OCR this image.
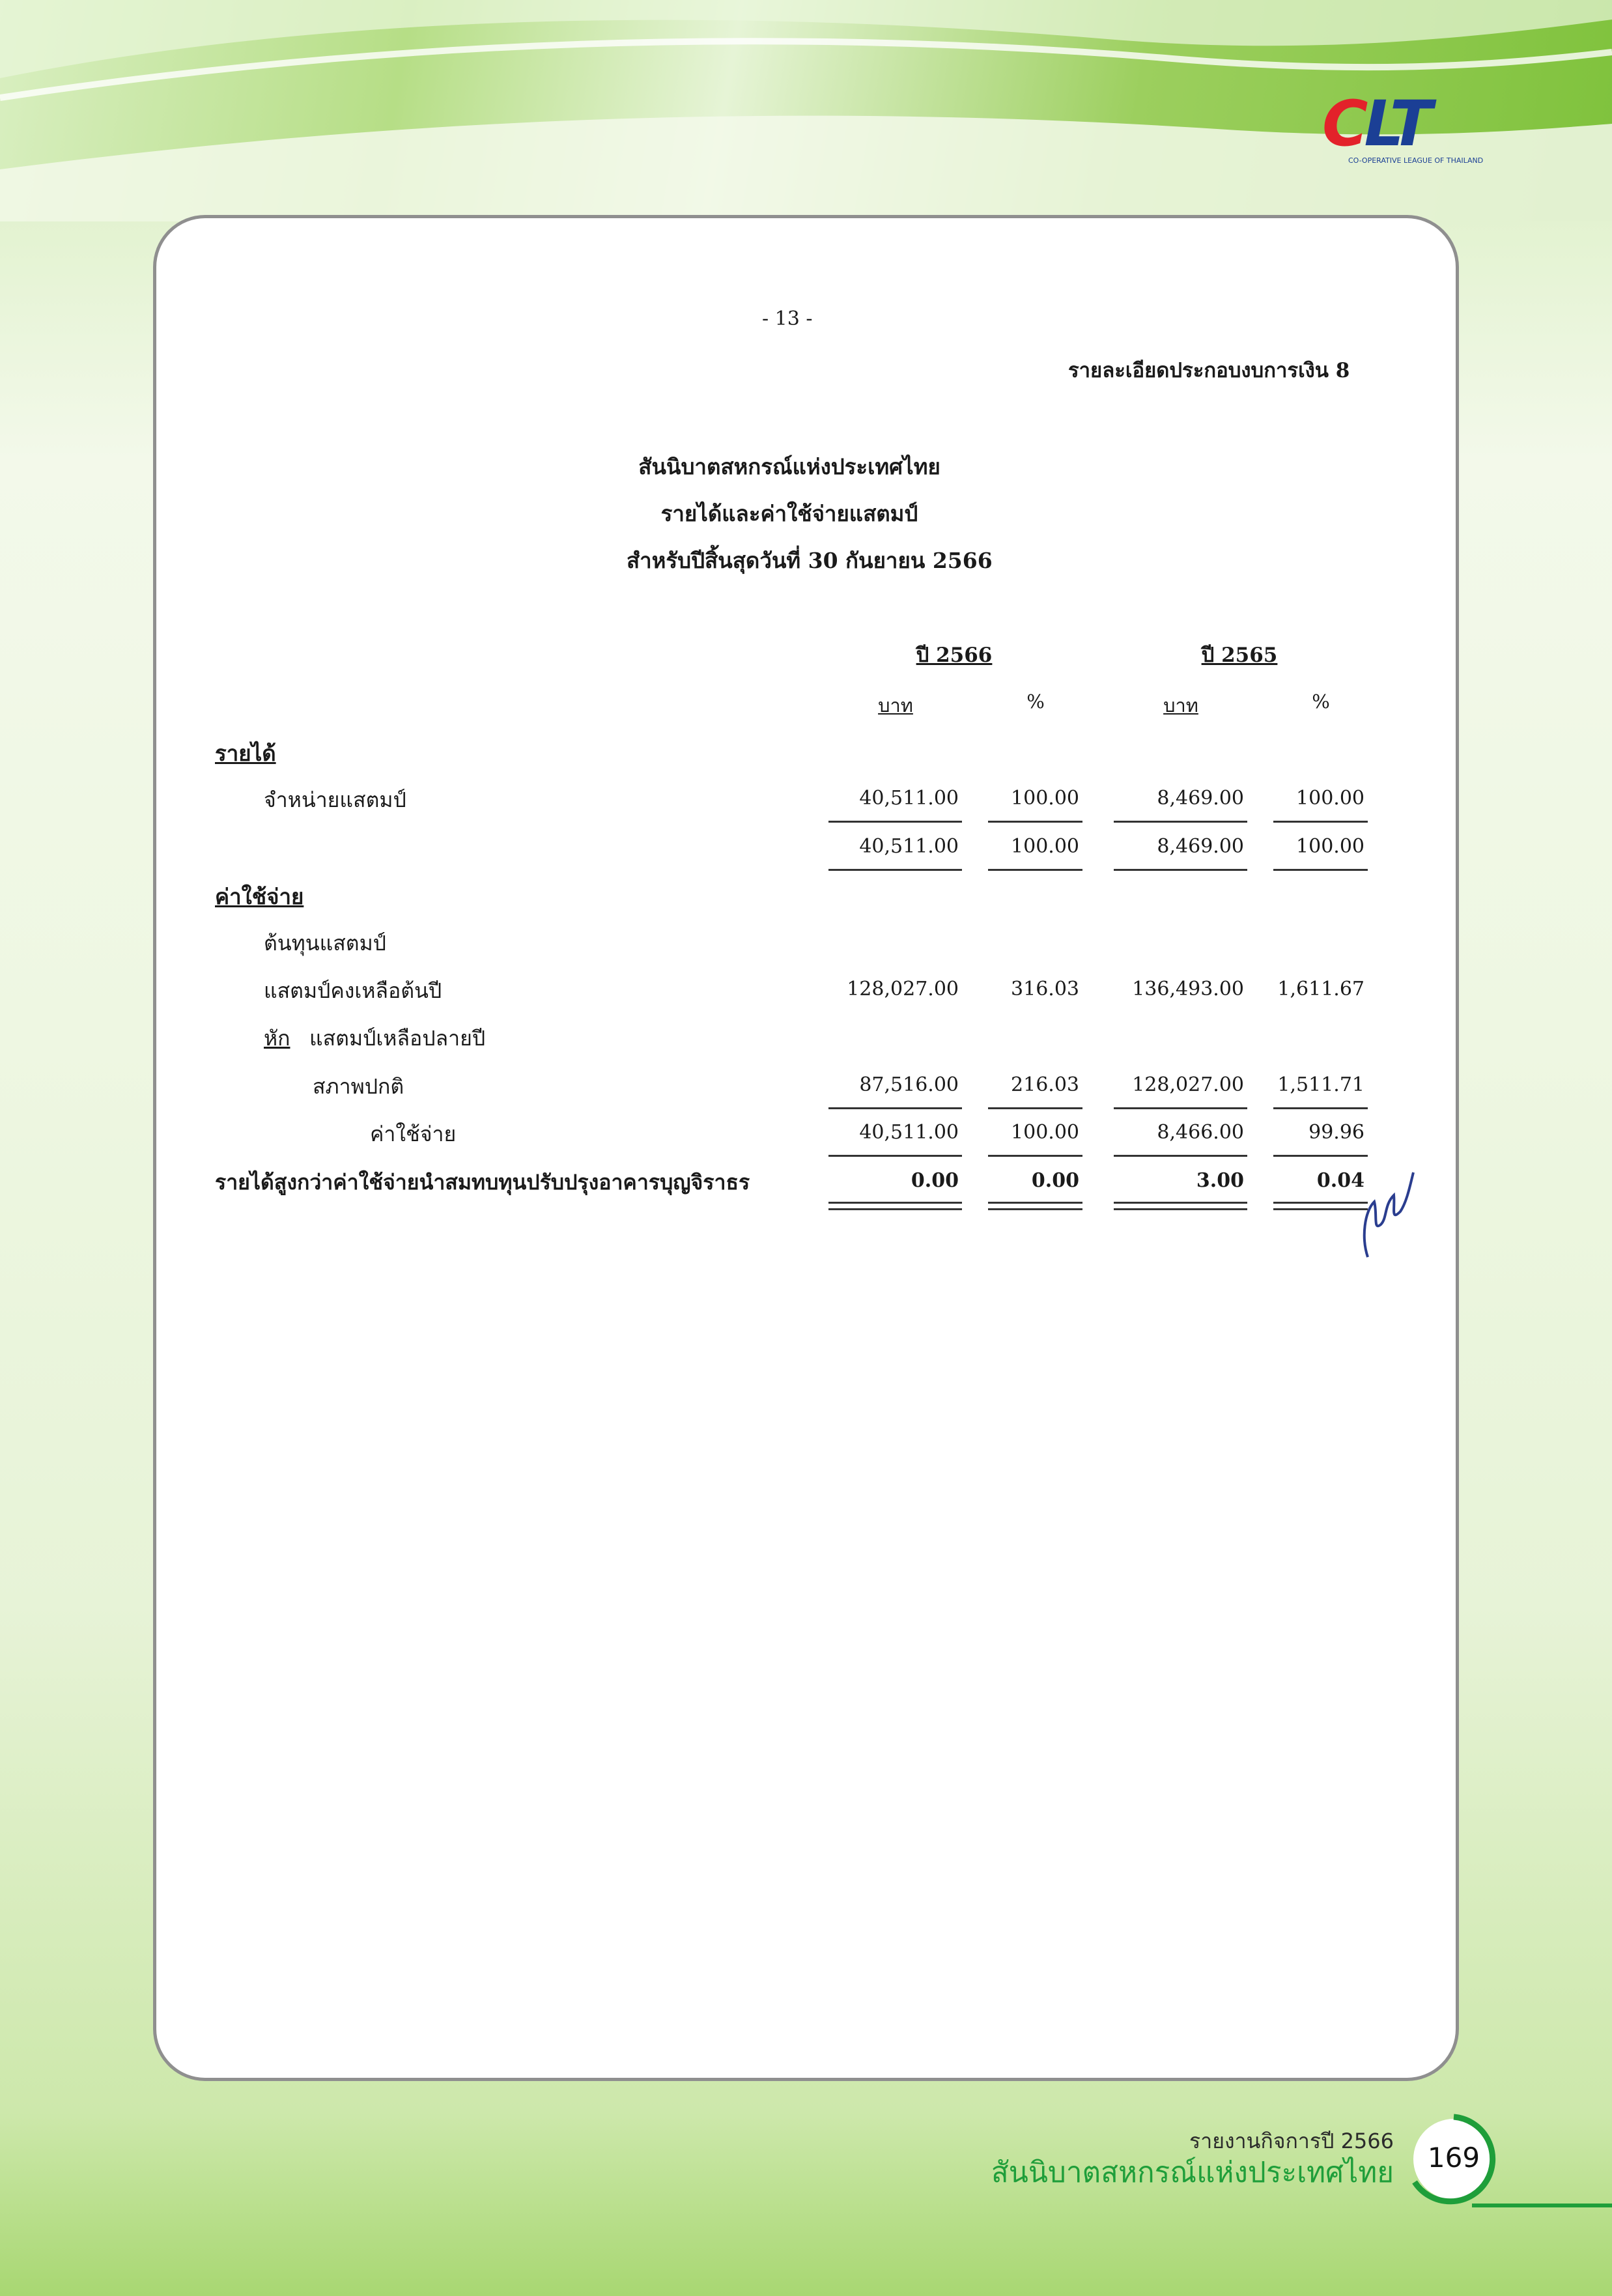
CLT
CO-OPERATIVE LEAGUE OF THAILAND
- 13 -
รายละเอียดประกอบงบการเงิน 8
สันนิบาตสหกรณ์แห่งประเทศไทย
รายได้และค่าใช้จ่ายแสตมป์
สำหรับปีสิ้นสุดวันที่ 30 กันยายน 2566
ปี 2566	ปี 2565
บาท	%	บาท	%
รายได้
จำหน่ายแสตมป์	40,511.00	100.00	8,469.00	100.00
40,511.00	100.00	8,469.00	100.00
ค่าใช้จ่าย
ต้นทุนแสตมป์
แสตมป์คงเหลือต้นปี	128,027.00	316.03	136,493.00 1,611.67
หัก แสตมป์เหลือปลายปี
สภาพปกติ	87,516.00	216.03	128,027.00 1,511.71
ค่าใช้จ่าย	40,511.00	100.00	8,466.00	99.96
รายได้สูงกว่าค่าใช้จ่ายนำสมทบทุนปรับปรุงอาคารบุญจิราธร	0.00	0.00	3.00	0.04
รายงานกิจการปี 2566
สันนิบาตสหกรณ์แห่งประเทศไทย	169
